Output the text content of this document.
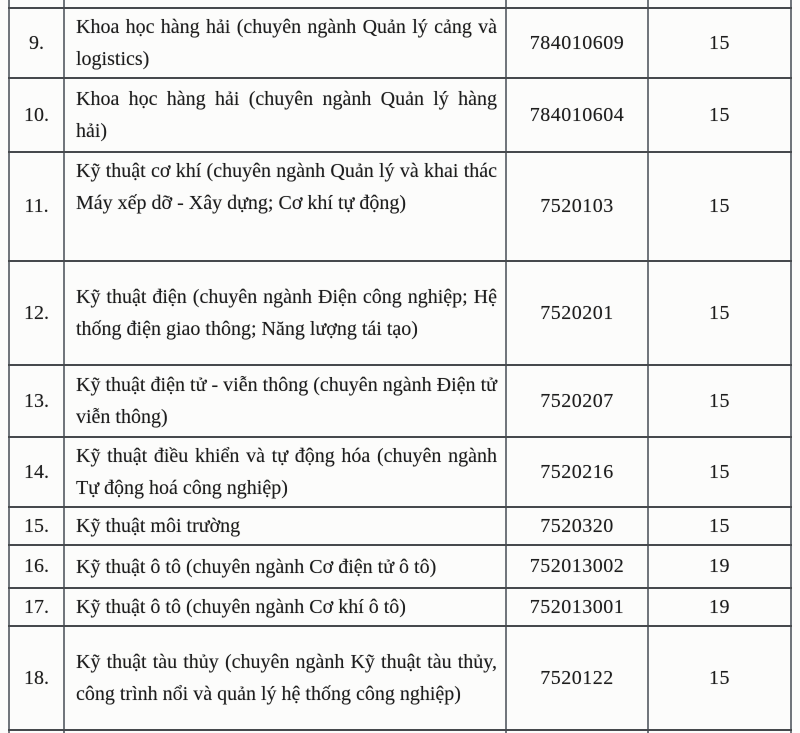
9.	Khoa học hàng hải (chuyên ngành Quản lý cảng và logistics)	784010609	15
10.	Khoa học hàng hải (chuyên ngành Quản lý hàng hải)	784010604	15
11.	Kỹ thuật cơ khí (chuyên ngành Quản lý và khai thác Máy xếp dỡ - Xây dựng; Cơ khí tự động)	7520103	15
12.	Kỹ thuật điện (chuyên ngành Điện công nghiệp; Hệ thống điện giao thông; Năng lượng tái tạo)	7520201	15
13.	Kỹ thuật điện tử - viễn thông (chuyên ngành Điện tử viễn thông)	7520207	15
14.	Kỹ thuật điều khiển và tự động hóa (chuyên ngành Tự động hoá công nghiệp)	7520216	15
15.	Kỹ thuật môi trường	7520320	15
16.	Kỹ thuật ô tô (chuyên ngành Cơ điện tử ô tô)	752013002	19
17.	Kỹ thuật ô tô (chuyên ngành Cơ khí ô tô)	752013001	19
18.	Kỹ thuật tàu thủy (chuyên ngành Kỹ thuật tàu thủy, công trình nổi và quản lý hệ thống công nghiệp)	7520122	15
